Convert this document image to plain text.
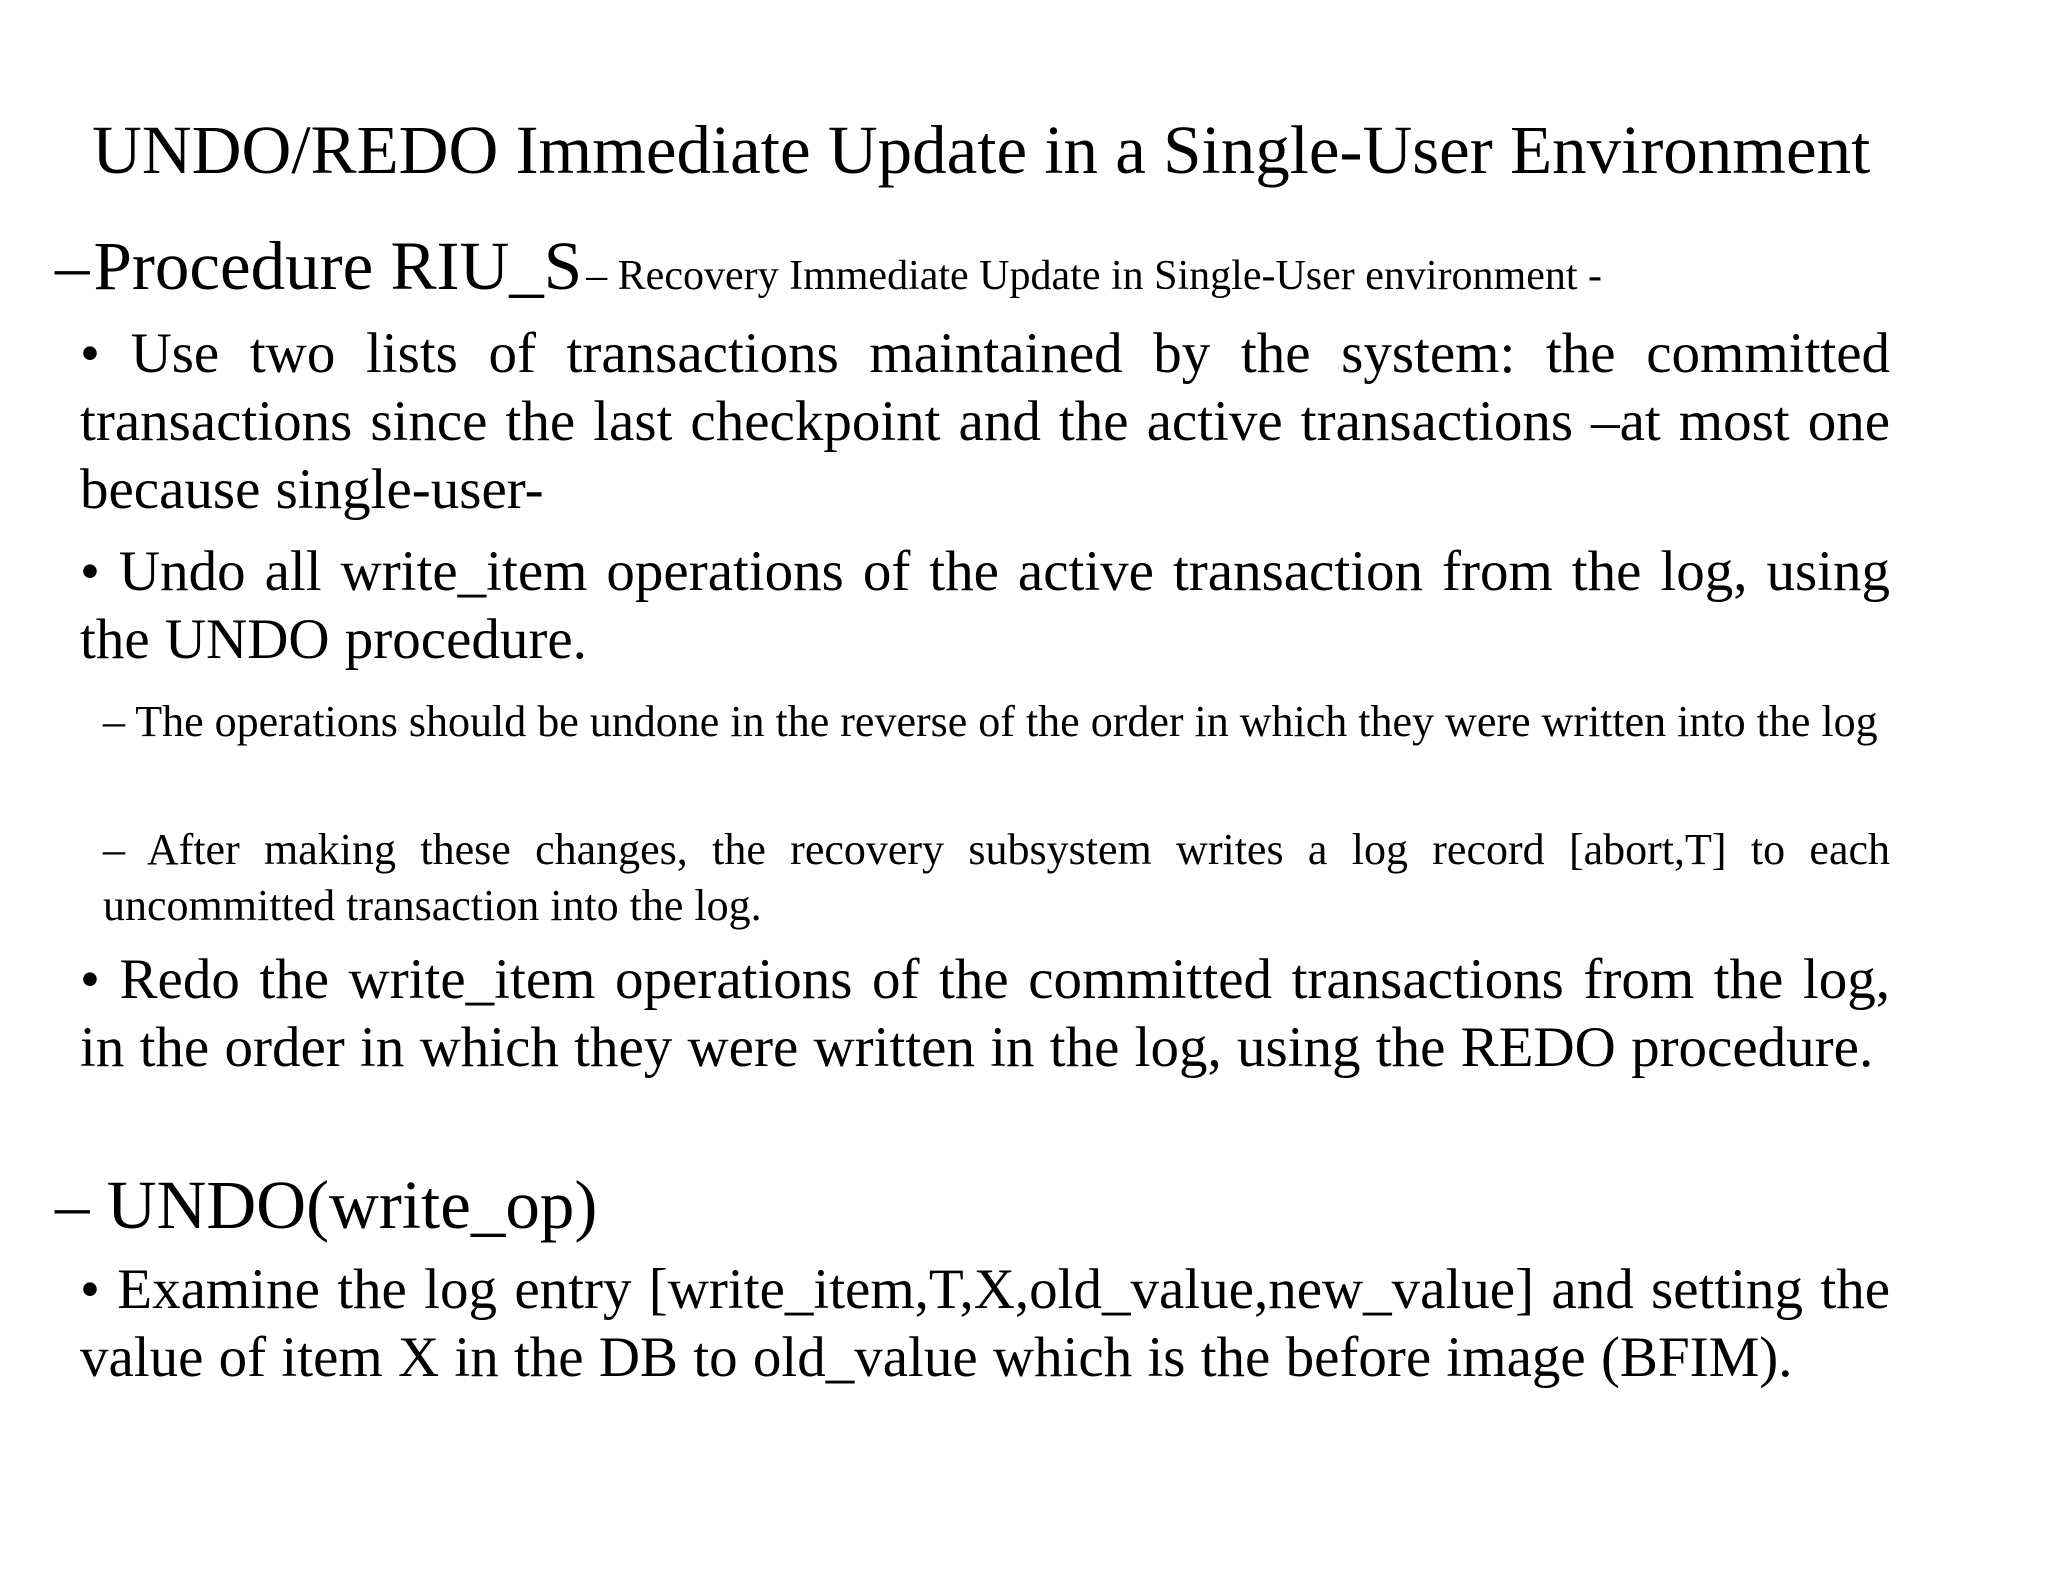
UNDO/REDO Immediate Update in a Single-User Environment
– Procedure RIU_S – Recovery Immediate Update in Single-User environment -
• Use two lists of transactions maintained by the system: the committed transactions since the last checkpoint and the active transactions –at most one because single-user-
• Undo all write_item operations of the active transaction from the log, using the UNDO procedure.
– The operations should be undone in the reverse of the order in which they were written into the log
– After making these changes, the recovery subsystem writes a log record [abort,T] to each uncommitted transaction into the log.
• Redo the write_item operations of the committed transactions from the log, in the order in which they were written in the log, using the REDO procedure.
– UNDO(write_op)
• Examine the log entry [write_item,T,X,old_value,new_value] and setting the value of item X in the DB to old_value which is the before image (BFIM).
